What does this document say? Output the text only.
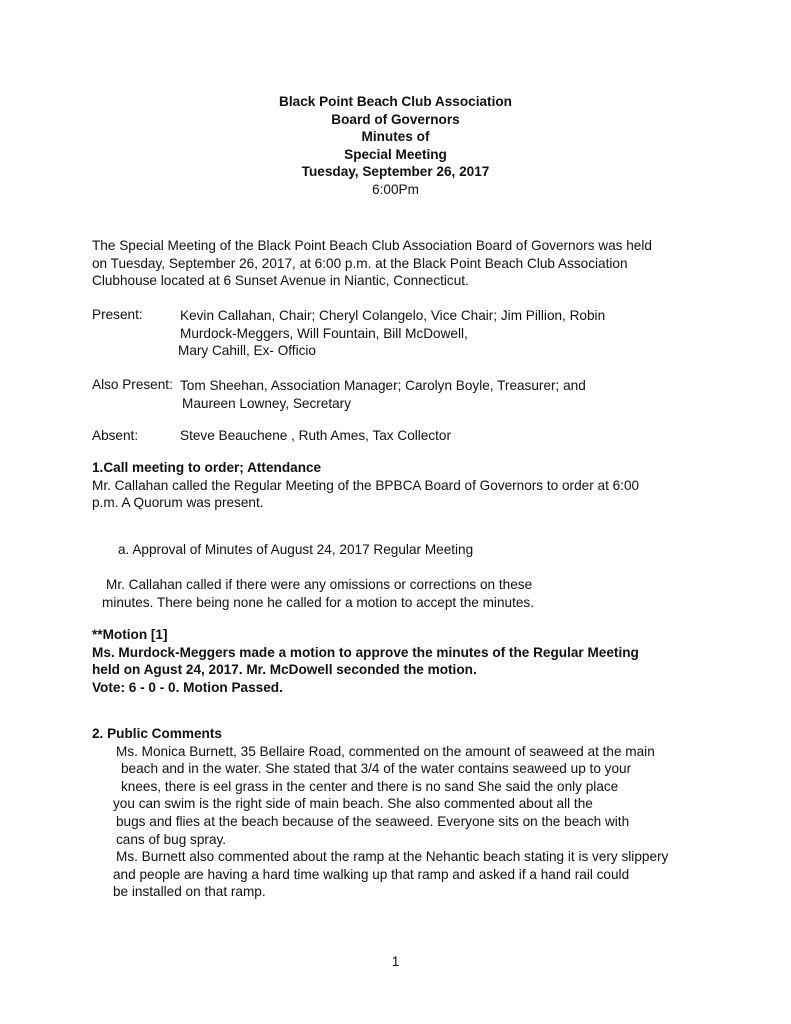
Black Point Beach Club Association
Board of Governors
Minutes of
Special Meeting
Tuesday, September 26, 2017
6:00Pm
The Special Meeting of the Black Point Beach Club Association Board of Governors was held
on Tuesday, September 26, 2017, at 6:00 p.m. at the Black Point Beach Club Association
Clubhouse located at 6 Sunset Avenue in Niantic, Connecticut.
Present:	Kevin Callahan, Chair; Cheryl Colangelo, Vice Chair; Jim Pillion, Robin
Murdock-Meggers, Will Fountain, Bill McDowell,
Mary Cahill, Ex- Officio
Also Present: Tom Sheehan, Association Manager; Carolyn Boyle, Treasurer; and
Maureen Lowney, Secretary
Absent:	Steve Beauchene , Ruth Ames, Tax Collector
1.Call meeting to order; Attendance
Mr. Callahan called the Regular Meeting of the BPBCA Board of Governors to order at 6:00
p.m. A Quorum was present.
a. Approval of Minutes of August 24, 2017 Regular Meeting
Mr. Callahan called if there were any omissions or corrections on these
minutes. There being none he called for a motion to accept the minutes.
**Motion [1]
Ms. Murdock-Meggers made a motion to approve the minutes of the Regular Meeting
held on Agust 24, 2017. Mr. McDowell seconded the motion.
Vote: 6 - 0 - 0. Motion Passed.
2. Public Comments
Ms. Monica Burnett, 35 Bellaire Road, commented on the amount of seaweed at the main
beach and in the water. She stated that 3/4 of the water contains seaweed up to your
knees, there is eel grass in the center and there is no sand She said the only place
you can swim is the right side of main beach. She also commented about all the
bugs and flies at the beach because of the seaweed. Everyone sits on the beach with
cans of bug spray.
Ms. Burnett also commented about the ramp at the Nehantic beach stating it is very slippery
and people are having a hard time walking up that ramp and asked if a hand rail could
be installed on that ramp.
1
